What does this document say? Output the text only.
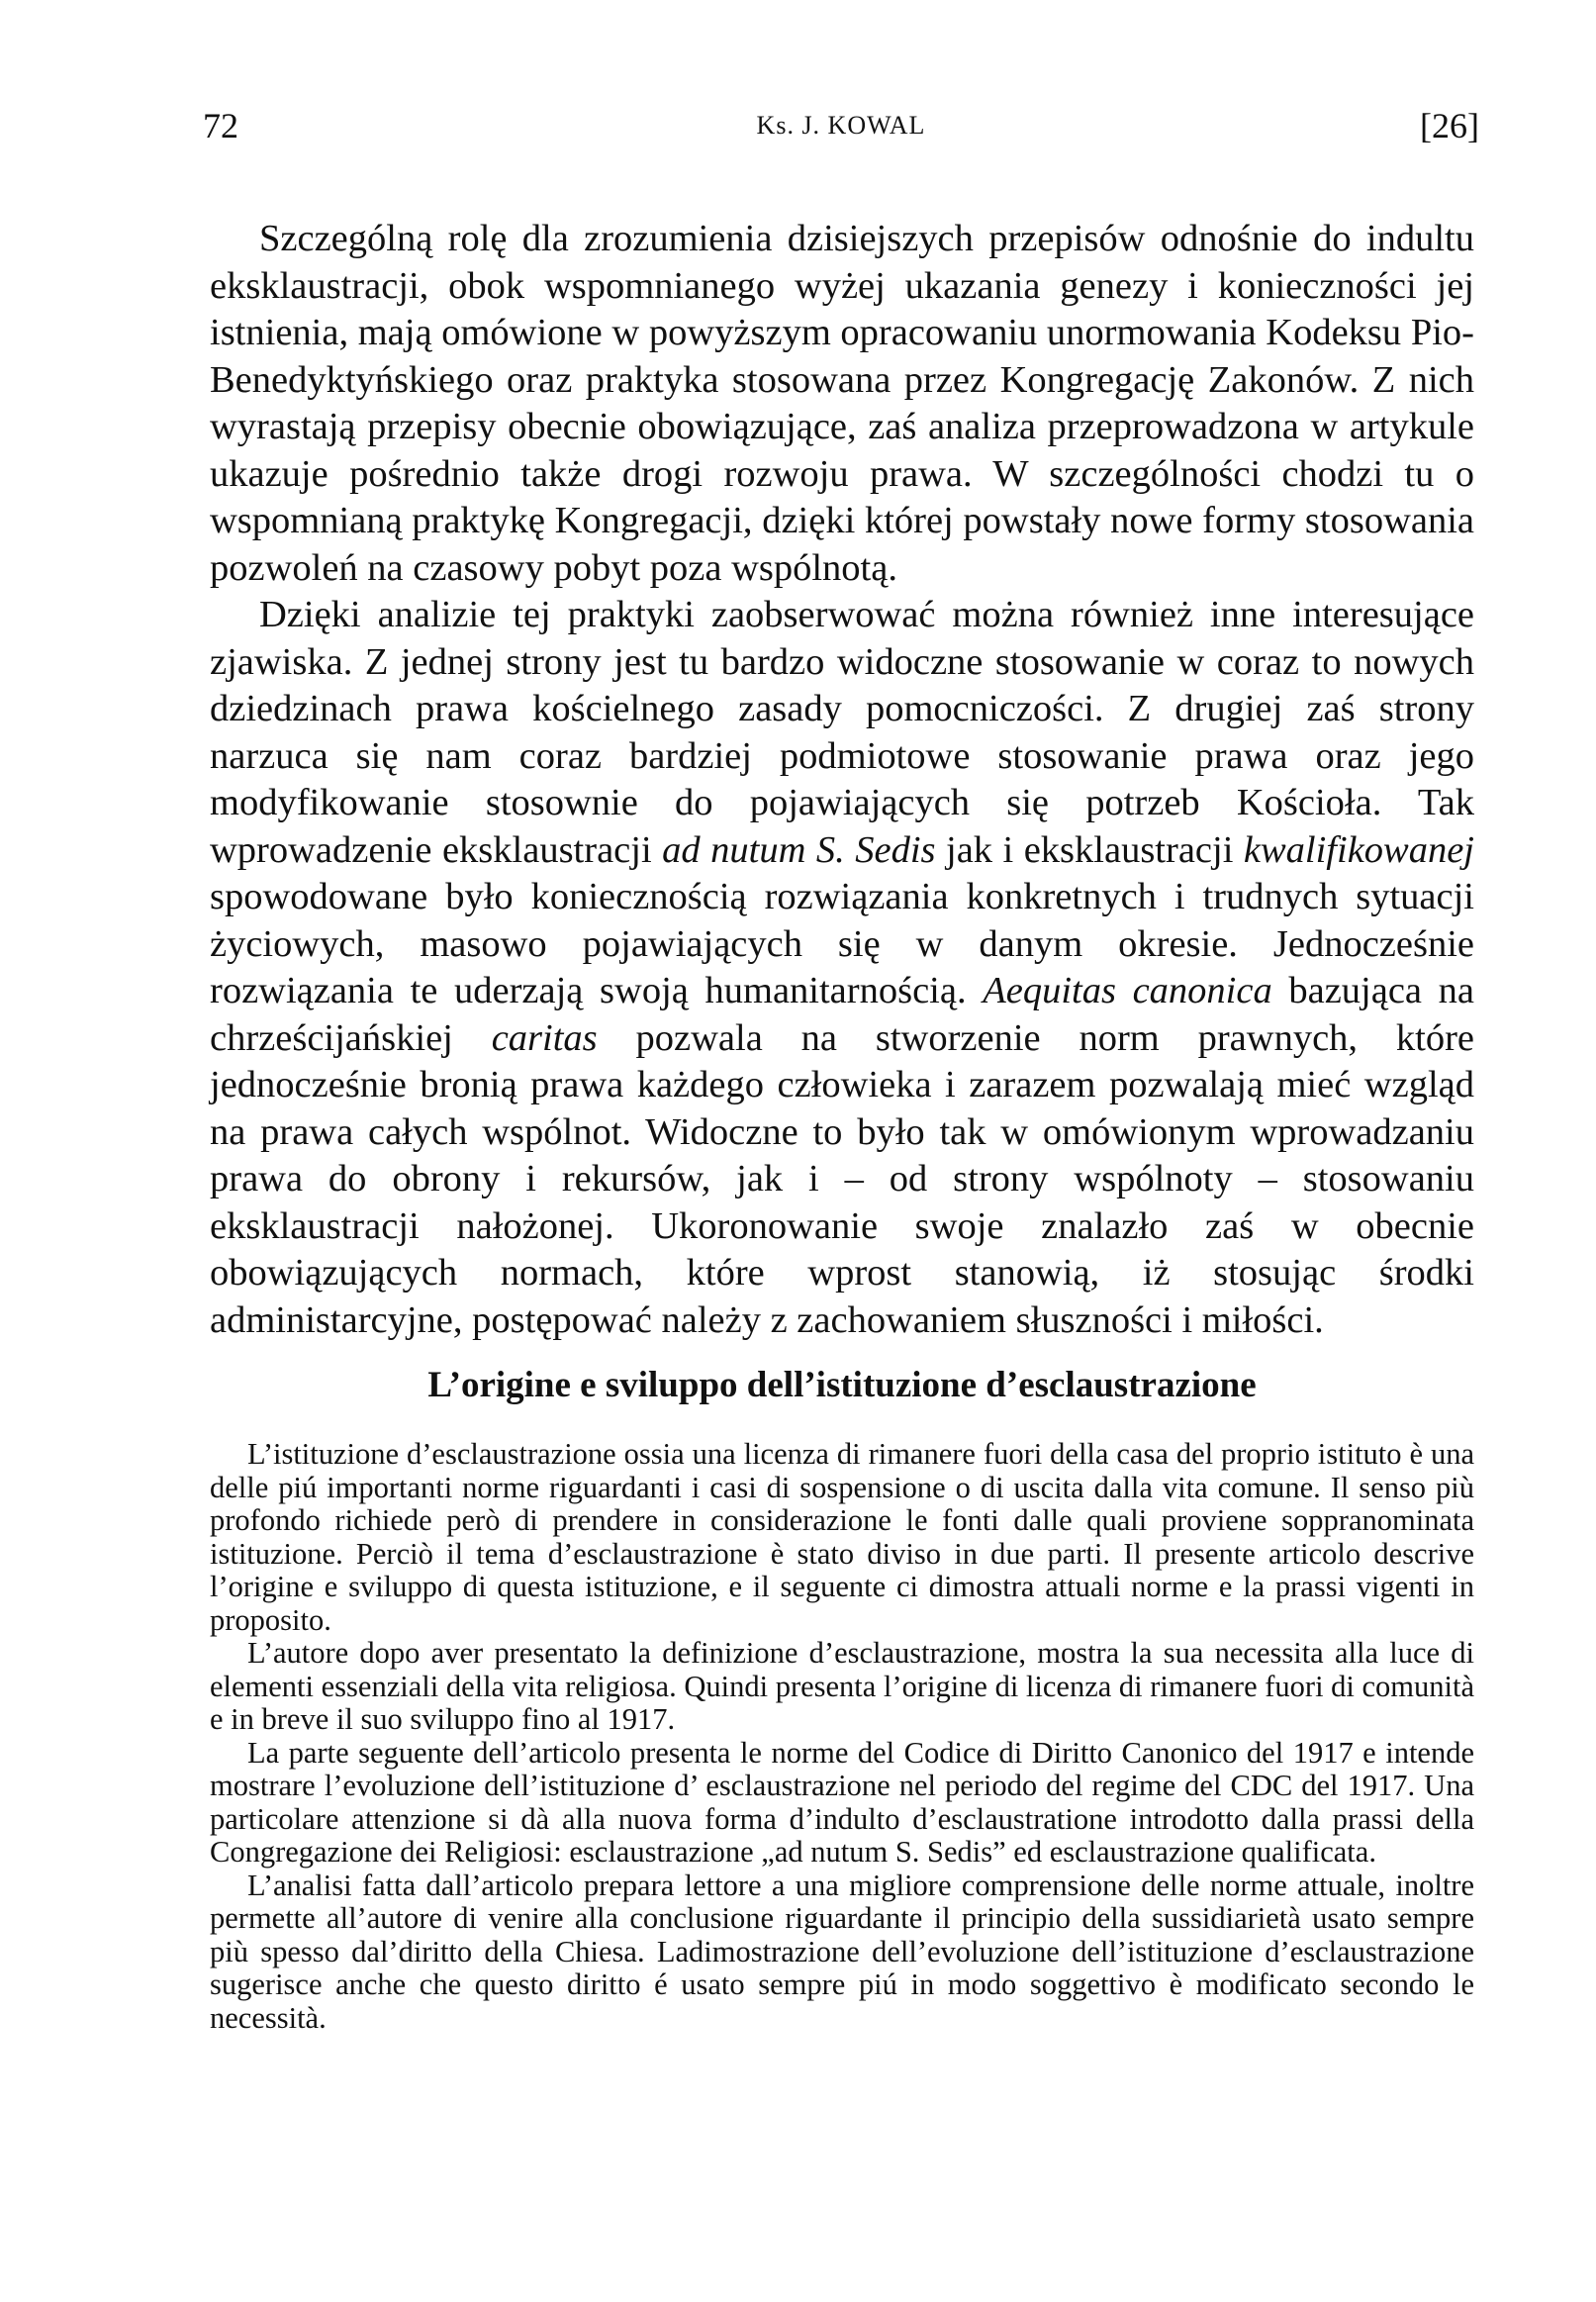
72	Ks. J. KOWAL	[26]

Szczególną rolę dla zrozumienia dzisiejszych przepisów odnośnie do indultu eksklaustracji, obok wspomnianego wyżej ukazania genezy i konieczności jej istnienia, mają omówione w powyższym opracowaniu unormowania Kodeksu Pio-Benedyktyńskiego oraz praktyka stosowana przez Kongregację Zakonów. Z nich wyrastają przepisy obecnie obowiązujące, zaś analiza przeprowadzona w artykule ukazuje pośrednio także drogi rozwoju prawa. W szczególności chodzi tu o wspomnianą praktykę Kongregacji, dzięki której powstały nowe formy stosowania pozwoleń na czasowy pobyt poza wspólnotą.

Dzięki analizie tej praktyki zaobserwować można również inne interesujące zjawiska. Z jednej strony jest tu bardzo widoczne stosowanie w coraz to nowych dziedzinach prawa kościelnego zasady pomocniczości. Z drugiej zaś strony narzuca się nam coraz bardziej podmiotowe stosowanie prawa oraz jego modyfikowanie stosownie do pojawiających się potrzeb Kościoła. Tak wprowadzenie eksklaustracji ad nutum S. Sedis jak i eksklaustracji kwalifikowanej spowodowane było koniecznością rozwiązania konkretnych i trudnych sytuacji życiowych, masowo pojawiających się w danym okresie. Jednocześnie rozwiązania te uderzają swoją humanitarnością. Aequitas canonica bazująca na chrześcijańskiej caritas pozwala na stworzenie norm prawnych, które jednocześnie bronią prawa każdego człowieka i zarazem pozwalają mieć wzgląd na prawa całych wspólnot. Widoczne to było tak w omówionym wprowadzaniu prawa do obrony i rekursów, jak i – od strony wspólnoty – stosowaniu eksklaustracji nałożonej. Ukoronowanie swoje znalazło zaś w obecnie obowiązujących normach, które wprost stanowią, iż stosując środki administarcyjne, postępować należy z zachowaniem słuszności i miłości.

L’origine e sviluppo dell’istituzione d’esclaustrazione

L’istituzione d’esclaustrazione ossia una licenza di rimanere fuori della casa del proprio istituto è una delle piú importanti norme riguardanti i casi di sospensione o di uscita dalla vita comune. Il senso più profondo richiede però di prendere in considerazione le fonti dalle quali proviene soppranominata istituzione. Perciò il tema d’esclaustrazione è stato diviso in due parti. Il presente articolo descrive l’origine e sviluppo di questa istituzione, e il seguente ci dimostra attuali norme e la prassi vigenti in proposito.

L’autore dopo aver presentato la definizione d’esclaustrazione, mostra la sua necessita alla luce di elementi essenziali della vita religiosa. Quindi presenta l’origine di licenza di rimanere fuori di comunità e in breve il suo sviluppo fino al 1917.

La parte seguente dell’articolo presenta le norme del Codice di Diritto Canonico del 1917 e intende mostrare l’evoluzione dell’istituzione d’ esclaustrazione nel periodo del regime del CDC del 1917. Una particolare attenzione si dà alla nuova forma d’indulto d’esclaustratione introdotto dalla prassi della Congregazione dei Religiosi: esclaustrazione „ad nutum S. Sedis” ed esclaustrazione qualificata.

L’analisi fatta dall’articolo prepara lettore a una migliore comprensione delle norme attuale, inoltre permette all’autore di venire alla conclusione riguardante il principio della sussidiarietà usato sempre più spesso dal’diritto della Chiesa. Ladimostrazione dell’evoluzione dell’istituzione d’esclaustrazione sugerisce anche che questo diritto é usato sempre piú in modo soggettivo è modificato secondo le necessità.
